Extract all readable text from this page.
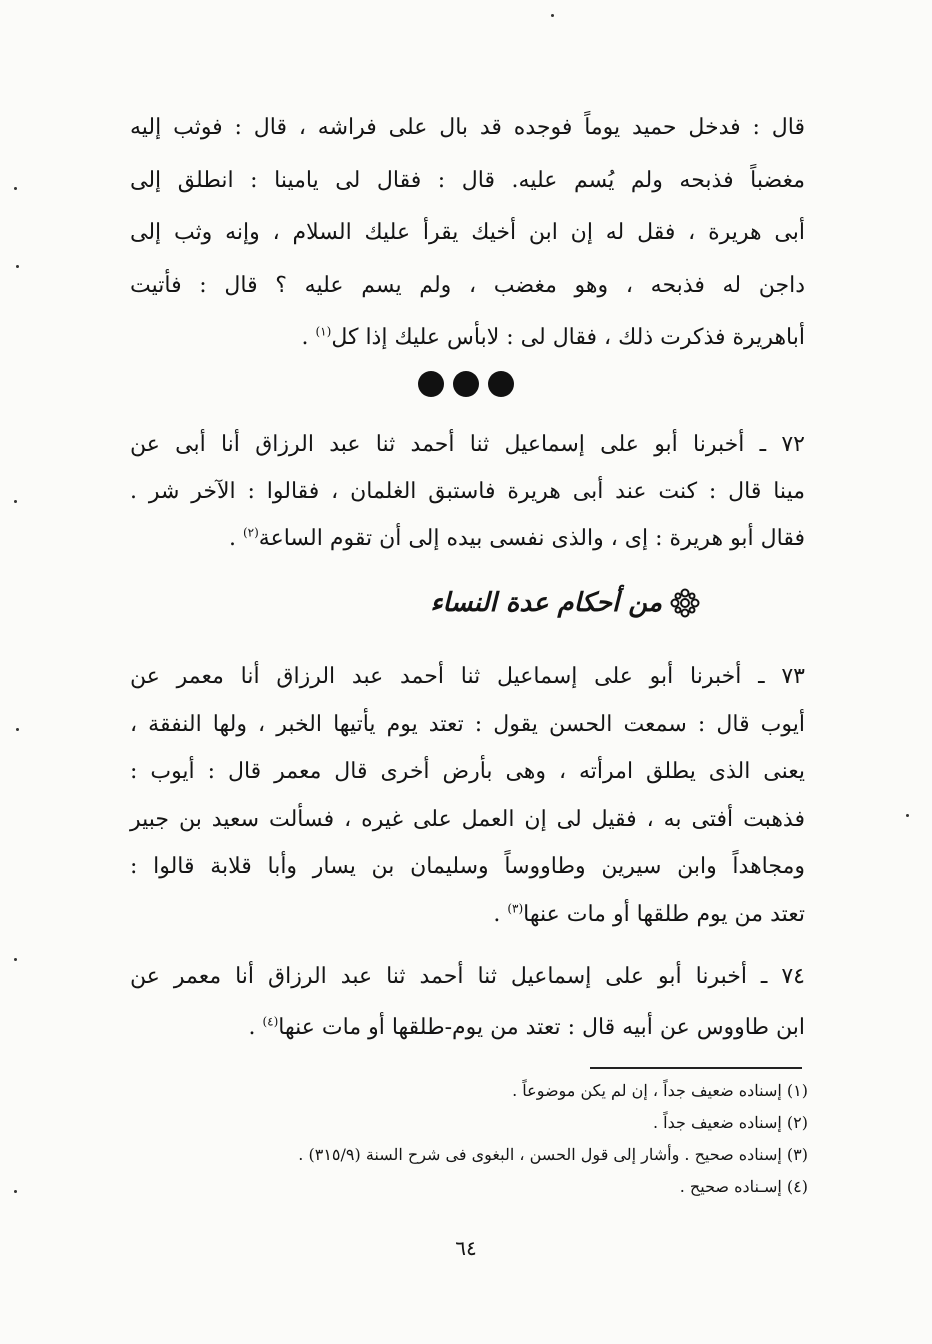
قال : فدخل حميد يوماً فوجده قد بال على فراشه ، قال : فوثب إليه
مغضباً فذبحه ولم يُسم عليه. قال : فقال لى يامينا : انطلق إلى
أبى هريرة ، فقل له إن ابن أخيك يقرأ عليك السلام ، وإنه وثب إلى
داجن له فذبحه ، وهو مغضب ، ولم يسم عليه ؟ قال : فأتيت
أباهريرة فذكرت ذلك ، فقال لى : لابأس عليك إذا كل$^{(١)}$ .
٧٢ ـ أخبرنا أبو على إسماعيل ثنا أحمد ثنا عبد الرزاق أنا أبى عن
مينا قال : كنت عند أبى هريرة فاستبق الغلمان ، فقالوا : الآخر شر .
فقال أبو هريرة : إى ، والذى نفسى بيده إلى أن تقوم الساعة$^{(٢)}$ .
من أحكام عدة النساء
٧٣ ـ أخبرنا أبو على إسماعيل ثنا أحمد عبد الرزاق أنا معمر عن
أيوب قال : سمعت الحسن يقول : تعتد يوم يأتيها الخبر ، ولها النفقة ،
يعنى الذى يطلق امرأته ، وهى بأرض أخرى قال معمر قال : أيوب :
فذهبت أفتى به ، فقيل لى إن العمل على غيره ، فسألت سعيد بن جبير
ومجاهداً وابن سيرين وطاووساً وسليمان بن يسار وأبا قلابة قالوا :
تعتد من يوم طلقها أو مات عنها$^{(٣)}$ .
٧٤ ـ أخبرنا أبو على إسماعيل ثنا أحمد ثنا عبد الرزاق أنا معمر عن
ابن طاووس عن أبيه قال : تعتد من يوم-طلقها أو مات عنها$^{(٤)}$ .
(١) إسناده ضعيف جداً ، إن لم يكن موضوعاً .
(٢) إسناده ضعيف جداً .
(٣) إسناده صحيح . وأشار إلى قول الحسن ، البغوى فى شرح السنة (٣١٥/٩) .
(٤) إسـناده صحيح .
٦٤
